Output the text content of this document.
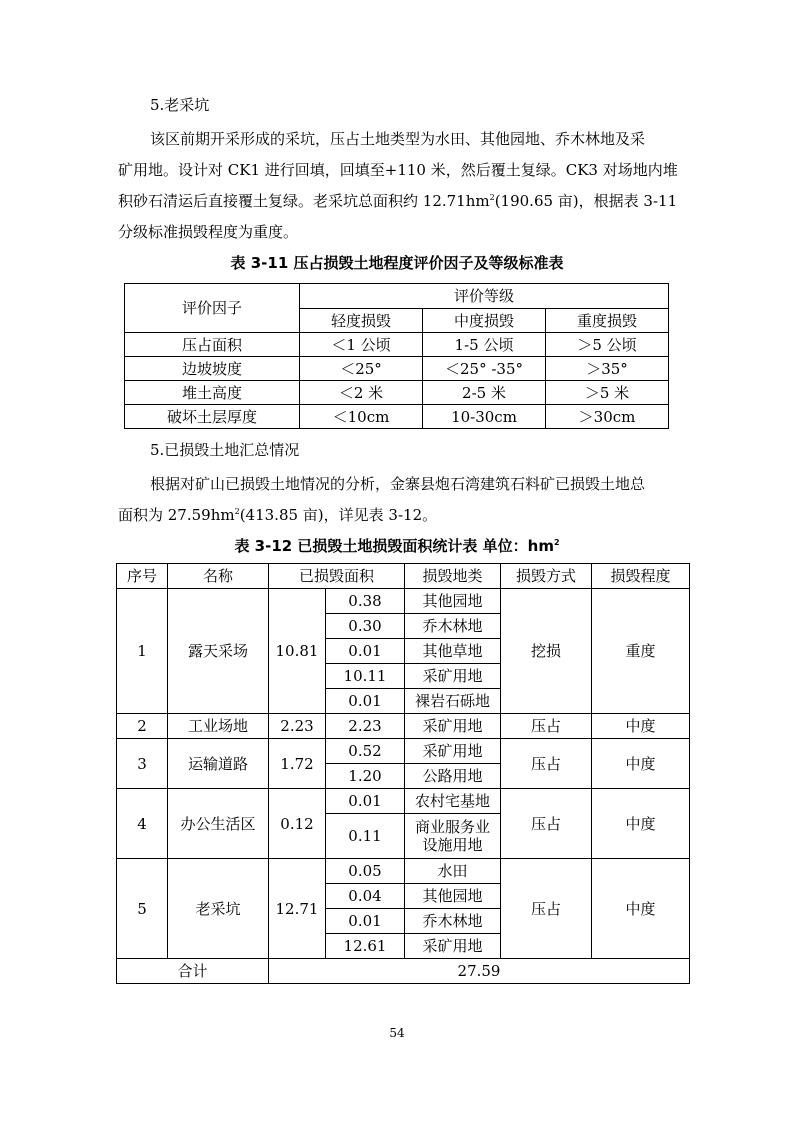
5.老采坑
该区前期开采形成的采坑，压占土地类型为水田、其他园地、乔木林地及采
矿用地。设计对 CK1 进行回填，回填至+110 米，然后覆土复绿。CK3 对场地内堆
积砂石清运后直接覆土复绿。老采坑总面积约 $12.71hm^2(190.65$ 亩)，根据表 3-11
分级标准损毁程度为重度。
表 3-11 压占损毁土地程度评价因子及等级标准表
评价因子	评价等级		
	轻度损毁	中度损毁	重度损毁
压占面积	＜1 公顷	1-5 公顷	＞5 公顷
边坡坡度	＜25°	＜25° -35°	＞35°
堆土高度	＜2 米	2-5 米	＞5 米
破坏土层厚度	＜10cm	10-30cm	＞30cm
5.已损毁土地汇总情况
根据对矿山已损毁土地情况的分析，金寨县炮石湾建筑石料矿已损毁土地总
面积为 $27.59hm^2(413.85$ 亩)，详见表 3-12。
表 3-12 已损毁土地损毁面积统计表 单位：$hm^2$
序号	名称	已损毁面积		损毁地类	损毁方式	损毁程度
1	露天采场	10.81	0.38	其他园地	挖损	重度
			0.30	乔木林地		
			0.01	其他草地		
			10.11	采矿用地		
			0.01	裸岩石砾地		
2	工业场地	2.23	2.23	采矿用地	压占	中度
3	运输道路	1.72	0.52	采矿用地	压占	中度
			1.20	公路用地		
4	办公生活区	0.12	0.01	农村宅基地	压占	中度
			0.11	商业服务业
设施用地		

5	老采坑	12.71	0.05	水田	压占	中度
			0.04	其他园地		
			0.01	乔木林地		
			12.61	采矿用地		
合计		27.59				
54
